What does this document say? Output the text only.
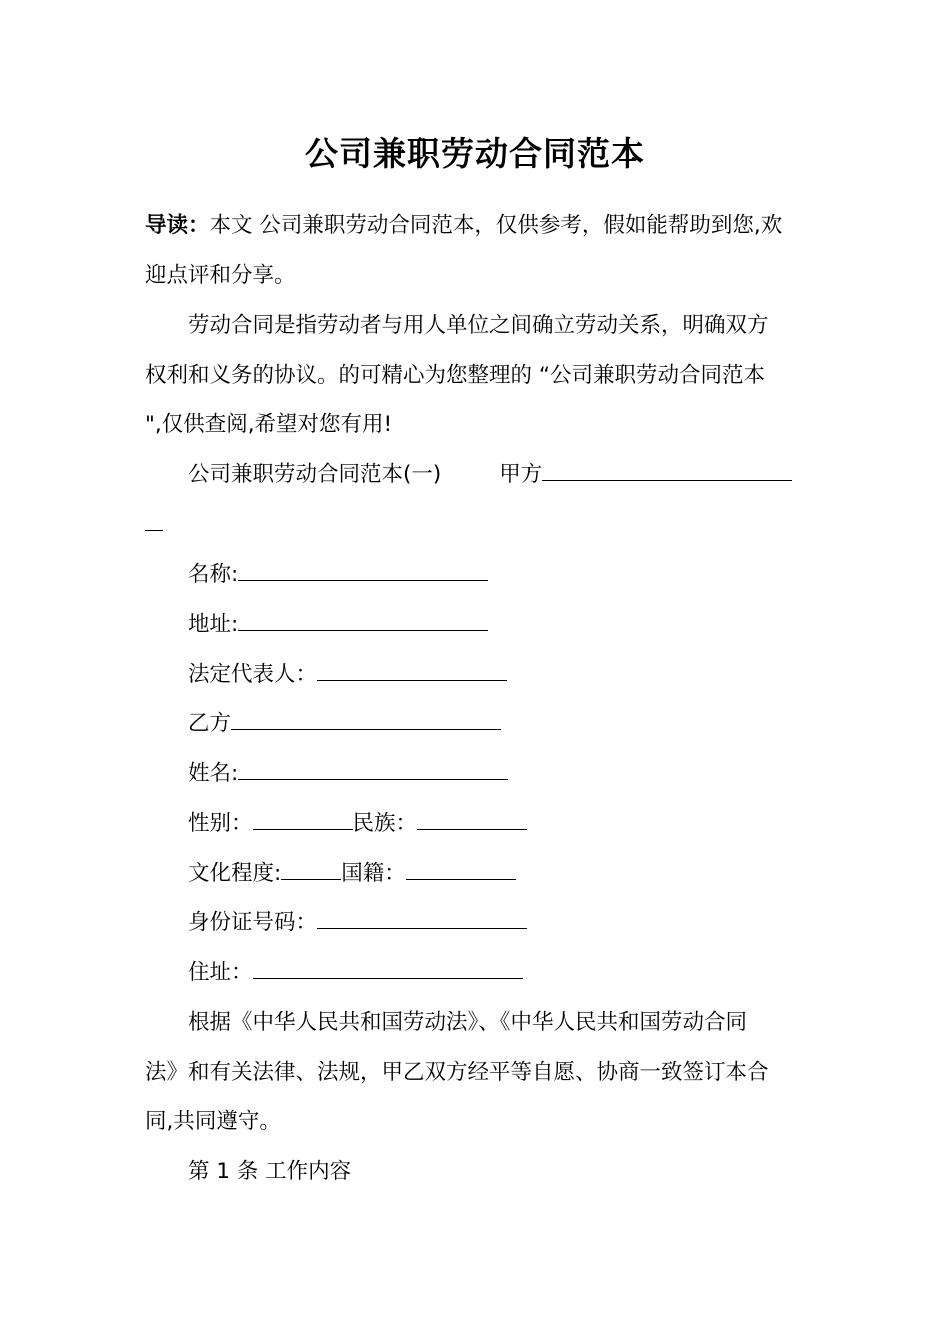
公司兼职劳动合同范本
导读：本文 公司兼职劳动合同范本，仅供参考，假如能帮助到您,欢
迎点评和分享。
劳动合同是指劳动者与用人单位之间确立劳动关系，明确双方
权利和义务的协议。的可精心为您整理的 “公司兼职劳动合同范本
",仅供查阅,希望对您有用!
公司兼职劳动合同范本(一)	甲方
名称:
地址:
法定代表人：
乙方
姓名:
性别：	民族：
文化程度:	国籍：
身份证号码：
住址：
根据《中华人民共和国劳动法》、《中华人民共和国劳动合同
法》和有关法律、法规，甲乙双方经平等自愿、协商一致签订本合
同,共同遵守。
第 1 条 工作内容
